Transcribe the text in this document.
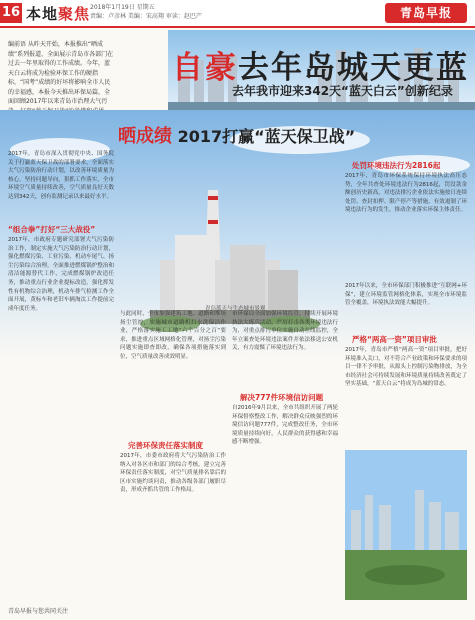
16 本地聚焦 2018年1月19日 星期五
责编：卢彦林 美编：宋高翔 审读：赵巴产	青岛早报
编前语 从昨天开始，本报推出“晒成绩”系列报道，全面展示青岛市各部门在过去一年里取得的工作成绩。今年，蓝天白云将成为检验环保工作的硬指标，“国考”成绩的好坏将影响全市人民的幸福感，本报今天推出环保局篇，全面回顾2017年以来青岛市治理大气污
自豪去年岛城天更蓝
去年我市迎来342天“蓝天白云”创新纪录
青岛蓝天与生态城市景观
晒成绩 2017打赢“蓝天保卫战”
2017年，青岛市深入贯彻党中央、国务院关于打赢蓝天保卫战的部署要求，全面落实大气污染防治行动计划，以改善环境质量为核心，坚持问题导向，狠抓工作落实，全市环境空气质量持续改善，空气质量良好天数达到342天，创有监测记录以来最好水平。
“组合拳”打好“三大战役”
2017年，市政府专题研究部署大气污染防治工作，制定实施大气污染防治行动计划，强化燃煤污染、工业污染、机动车尾气、扬尘污染综合治理，全面推进燃煤锅炉整治和清洁能源替代工作，完成燃煤锅炉改造任务，推动重点行业企业提标改造，强化挥发性有机物综合治理，机动车排气检测工作全面开展，黄标车和老旧车辆淘汰工作提前完成年度任务。
与此同时，全市加强建筑工地、道路和堆场扬尘管控，实施城市道路机扫水洗保洁作业，严格落实施工工地“六个百分之百”要求，推进重点区域网格化管理，对扬尘污染问题实施即查即改，确保各项措施落实到位，空气质量改善成效明显。
完善环保责任落实制度
2017年，市委市政府将大气污染防治工作纳入对各区市和部门的综合考核，建立完善环保责任落实制度，对空气质量排名靠后的区市实施约谈问责，推动各级各部门履职尽责，形成齐抓共管的工作格局。
市环保局全面加强环境监管，持续开展环境执法大练兵活动，严厉打击各类环境违法行为，对重点排污单位实施自动在线监控，全年立案查处环境违法案件并依法移送公安机关，有力震慑了环境违法行为。
解决777件环境信访问题
自2016年9月以来，全市共组织开展了两轮环保督察整改工作，解决群众反映强烈的环境信访问题777件，完成整改任务，全市环境质量持续向好，人民群众的获得感和幸福感不断增强。
处罚环境违法行为2816起
2017年，青岛市环保系统保持环境执法高压态势，全年共查处环境违法行为2816起，罚没款金额创历史新高，对违法排污企业依法实施按日连续处罚、查封扣押、限产停产等措施，有效遏制了环境违法行为的发生，推动企业落实环保主体责任。
2017年以来，全市环保部门积极推进“互联网+环保”，建立环境监管网格化体系，实现全市环境监管全覆盖，环境执法效能大幅提升。
严格“两高一资”项目审批
2017年，青岛市严格“两高一资”项目审批，把好环境准入关口，对不符合产业政策和环保要求的项目一律不予审批，从源头上控制污染物排放，为全市经济社会可持续发展和环境质量持续改善奠定了坚实基础，“蓝天白云”将成为岛城的常态。
青岛早报与您共同关注
